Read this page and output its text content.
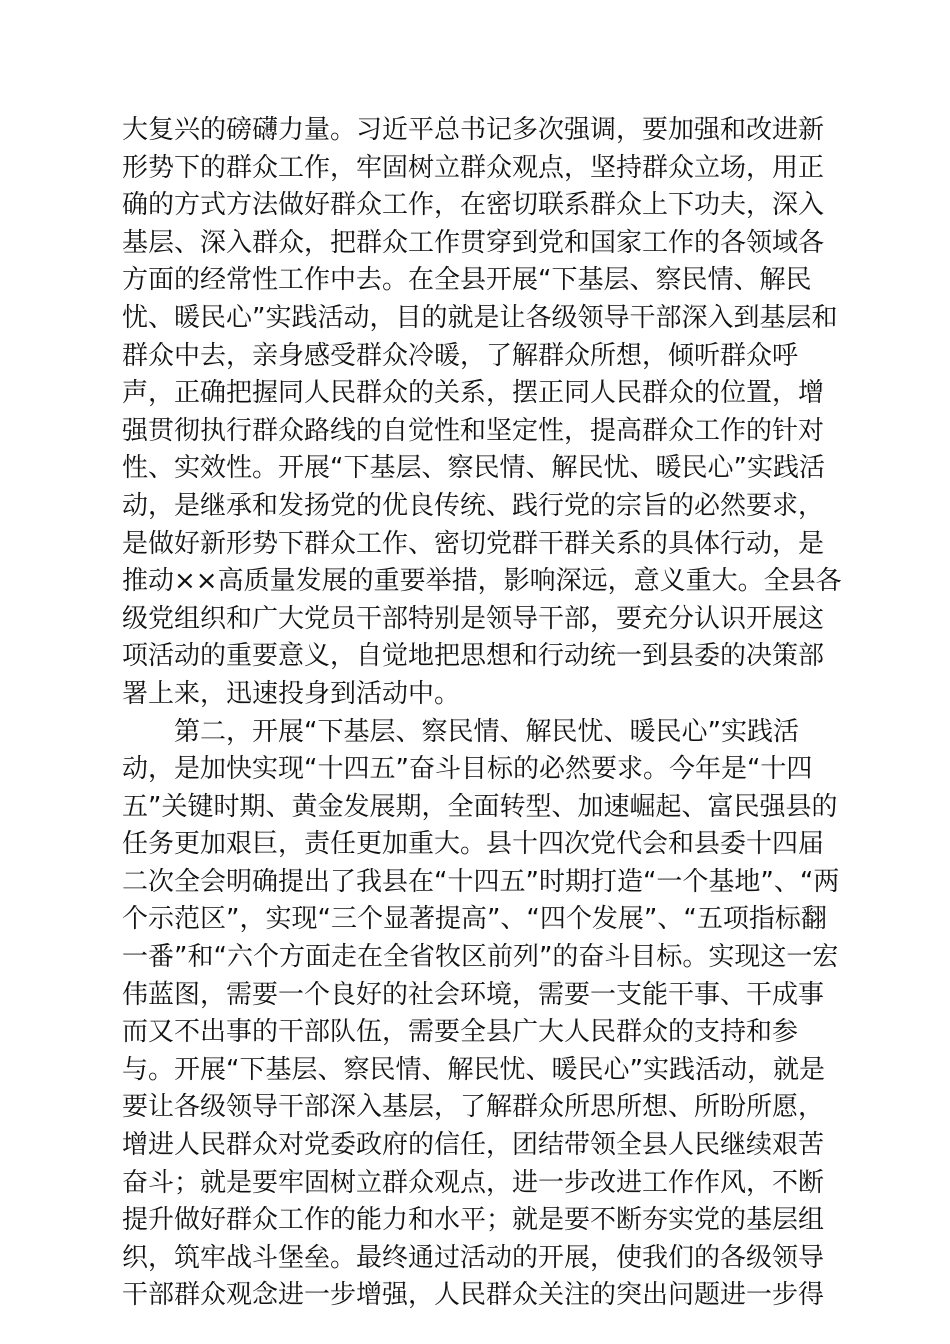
大复兴的磅礴力量。习近平总书记多次强调，要加强和改进新
形势下的群众工作，牢固树立群众观点，坚持群众立场，用正
确的方式方法做好群众工作，在密切联系群众上下功夫，深入
基层、深入群众，把群众工作贯穿到党和国家工作的各领域各
方面的经常性工作中去。在全县开展“下基层、察民情、解民
忧、暖民心”实践活动，目的就是让各级领导干部深入到基层和
群众中去，亲身感受群众冷暖，了解群众所想，倾听群众呼
声，正确把握同人民群众的关系，摆正同人民群众的位置，增
强贯彻执行群众路线的自觉性和坚定性，提高群众工作的针对
性、实效性。开展“下基层、察民情、解民忧、暖民心”实践活
动，是继承和发扬党的优良传统、践行党的宗旨的必然要求，
是做好新形势下群众工作、密切党群干群关系的具体行动，是
推动××高质量发展的重要举措，影响深远，意义重大。全县各
级党组织和广大党员干部特别是领导干部，要充分认识开展这
项活动的重要意义，自觉地把思想和行动统一到县委的决策部
署上来，迅速投身到活动中。
第二，开展“下基层、察民情、解民忧、暖民心”实践活
动，是加快实现“十四五”奋斗目标的必然要求。今年是“十四
五”关键时期、黄金发展期，全面转型、加速崛起、富民强县的
任务更加艰巨，责任更加重大。县十四次党代会和县委十四届
二次全会明确提出了我县在“十四五”时期打造“一个基地”、“两
个示范区”，实现“三个显著提高”、“四个发展”、“五项指标翻
一番”和“六个方面走在全省牧区前列”的奋斗目标。实现这一宏
伟蓝图，需要一个良好的社会环境，需要一支能干事、干成事
而又不出事的干部队伍，需要全县广大人民群众的支持和参
与。开展“下基层、察民情、解民忧、暖民心”实践活动，就是
要让各级领导干部深入基层，了解群众所思所想、所盼所愿，
增进人民群众对党委政府的信任，团结带领全县人民继续艰苦
奋斗；就是要牢固树立群众观点，进一步改进工作作风，不断
提升做好群众工作的能力和水平；就是要不断夯实党的基层组
织，筑牢战斗堡垒。最终通过活动的开展，使我们的各级领导
干部群众观念进一步增强，人民群众关注的突出问题进一步得
